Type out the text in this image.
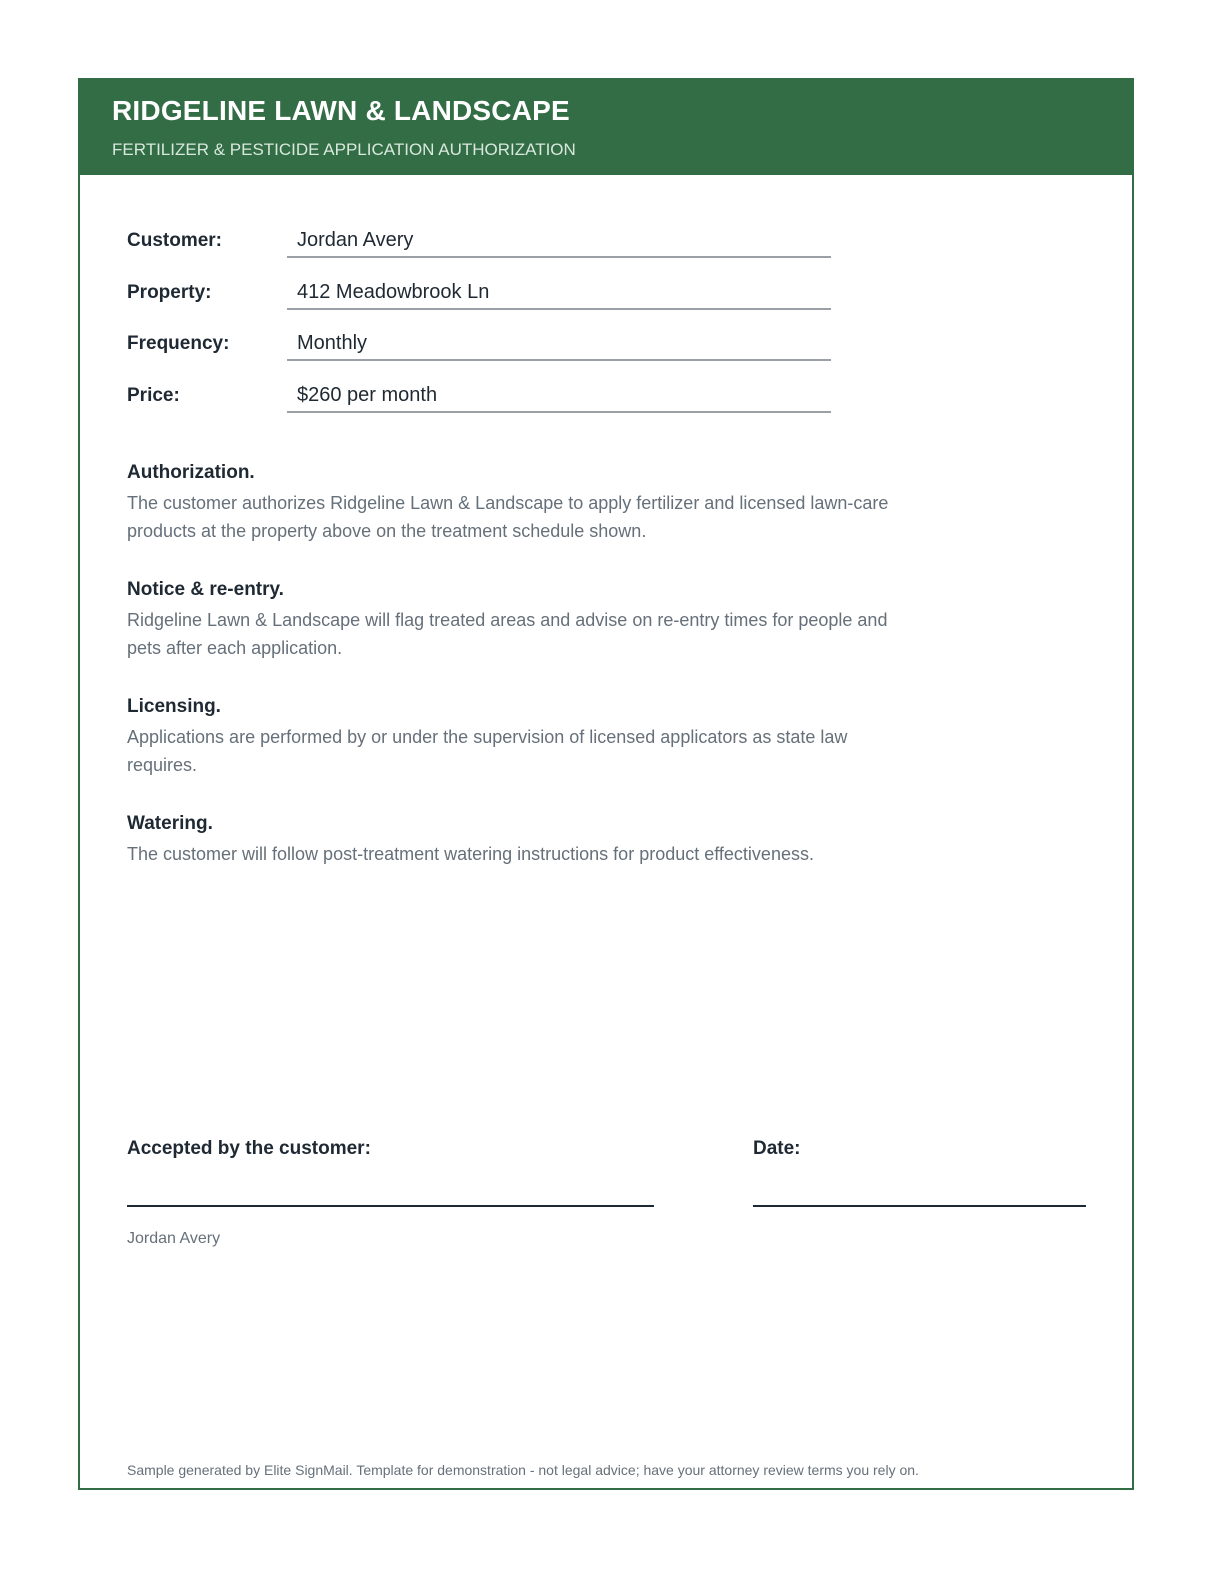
RIDGELINE LAWN & LANDSCAPE
FERTILIZER & PESTICIDE APPLICATION AUTHORIZATION
Customer:	Jordan Avery
Property:	412 Meadowbrook Ln
Frequency:	Monthly
Price:	$260 per month

Authorization.

The customer authorizes Ridgeline Lawn & Landscape to apply fertilizer and licensed lawn-care products at the property above on the treatment schedule shown.

Notice & re-entry.

Ridgeline Lawn & Landscape will flag treated areas and advise on re-entry times for people and pets after each application.

Licensing.

Applications are performed by or under the supervision of licensed applicators as state law requires.

Watering.

The customer will follow post-treatment watering instructions for product effectiveness.

Accepted by the customer:	Date:
Jordan Avery
Sample generated by Elite SignMail. Template for demonstration - not legal advice; have your attorney review terms you rely on.
